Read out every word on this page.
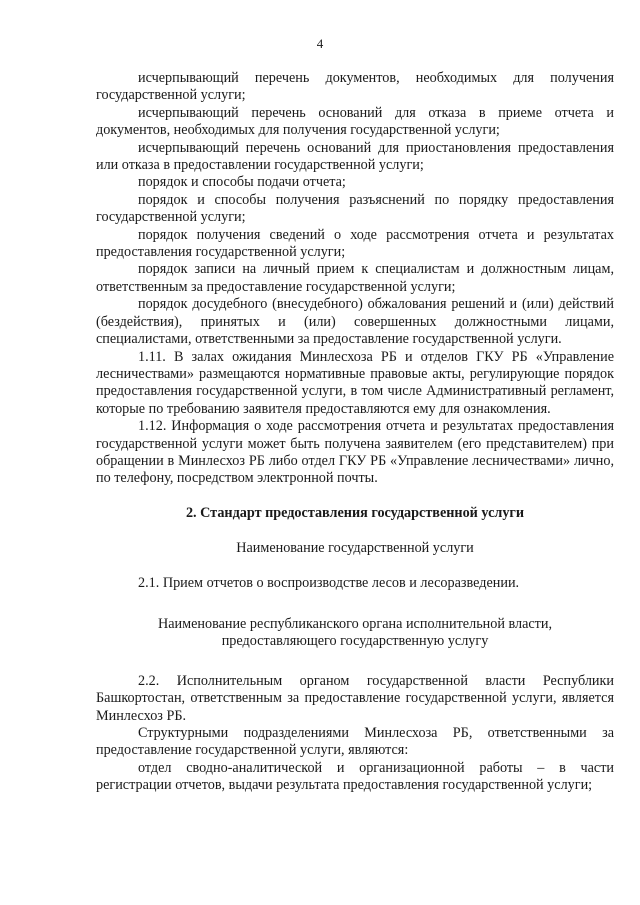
4

исчерпывающий перечень документов, необходимых для получения государственной услуги;

исчерпывающий перечень оснований для отказа в приеме отчета и документов, необходимых для получения государственной услуги;

исчерпывающий перечень оснований для приостановления предоставления или отказа в предоставлении государственной услуги;

порядок и способы подачи отчета;

порядок и способы получения разъяснений по порядку предоставления государственной услуги;

порядок получения сведений о ходе рассмотрения отчета и результатах предоставления государственной услуги;

порядок записи на личный прием к специалистам и должностным лицам, ответственным за предоставление государственной услуги;

порядок досудебного (внесудебного) обжалования решений и (или) действий (бездействия), принятых и (или) совершенных должностными лицами, специалистами, ответственными за предоставление государственной услуги.

1.11. В залах ожидания Минлесхоза РБ и отделов ГКУ РБ «Управление лесничествами» размещаются нормативные правовые акты, регулирующие порядок предоставления государственной услуги, в том числе Административный регламент, которые по требованию заявителя предоставляются ему для ознакомления.

1.12. Информация о ходе рассмотрения отчета и результатах предоставления государственной услуги может быть получена заявителем (его представителем) при обращении в Минлесхоз РБ либо отдел ГКУ РБ «Управление лесничествами» лично, по телефону, посредством электронной почты.

2. Стандарт предоставления государственной услуги

Наименование государственной услуги

2.1. Прием отчетов о воспроизводстве лесов и лесоразведении.

Наименование республиканского органа исполнительной власти,

предоставляющего государственную услугу

2.2. Исполнительным органом государственной власти Республики Башкортостан, ответственным за предоставление государственной услуги, является Минлесхоз РБ.

Структурными подразделениями Минлесхоза РБ, ответственными за предоставление государственной услуги, являются:

отдел сводно-аналитической и организационной работы – в части регистрации отчетов, выдачи результата предоставления государственной услуги;
